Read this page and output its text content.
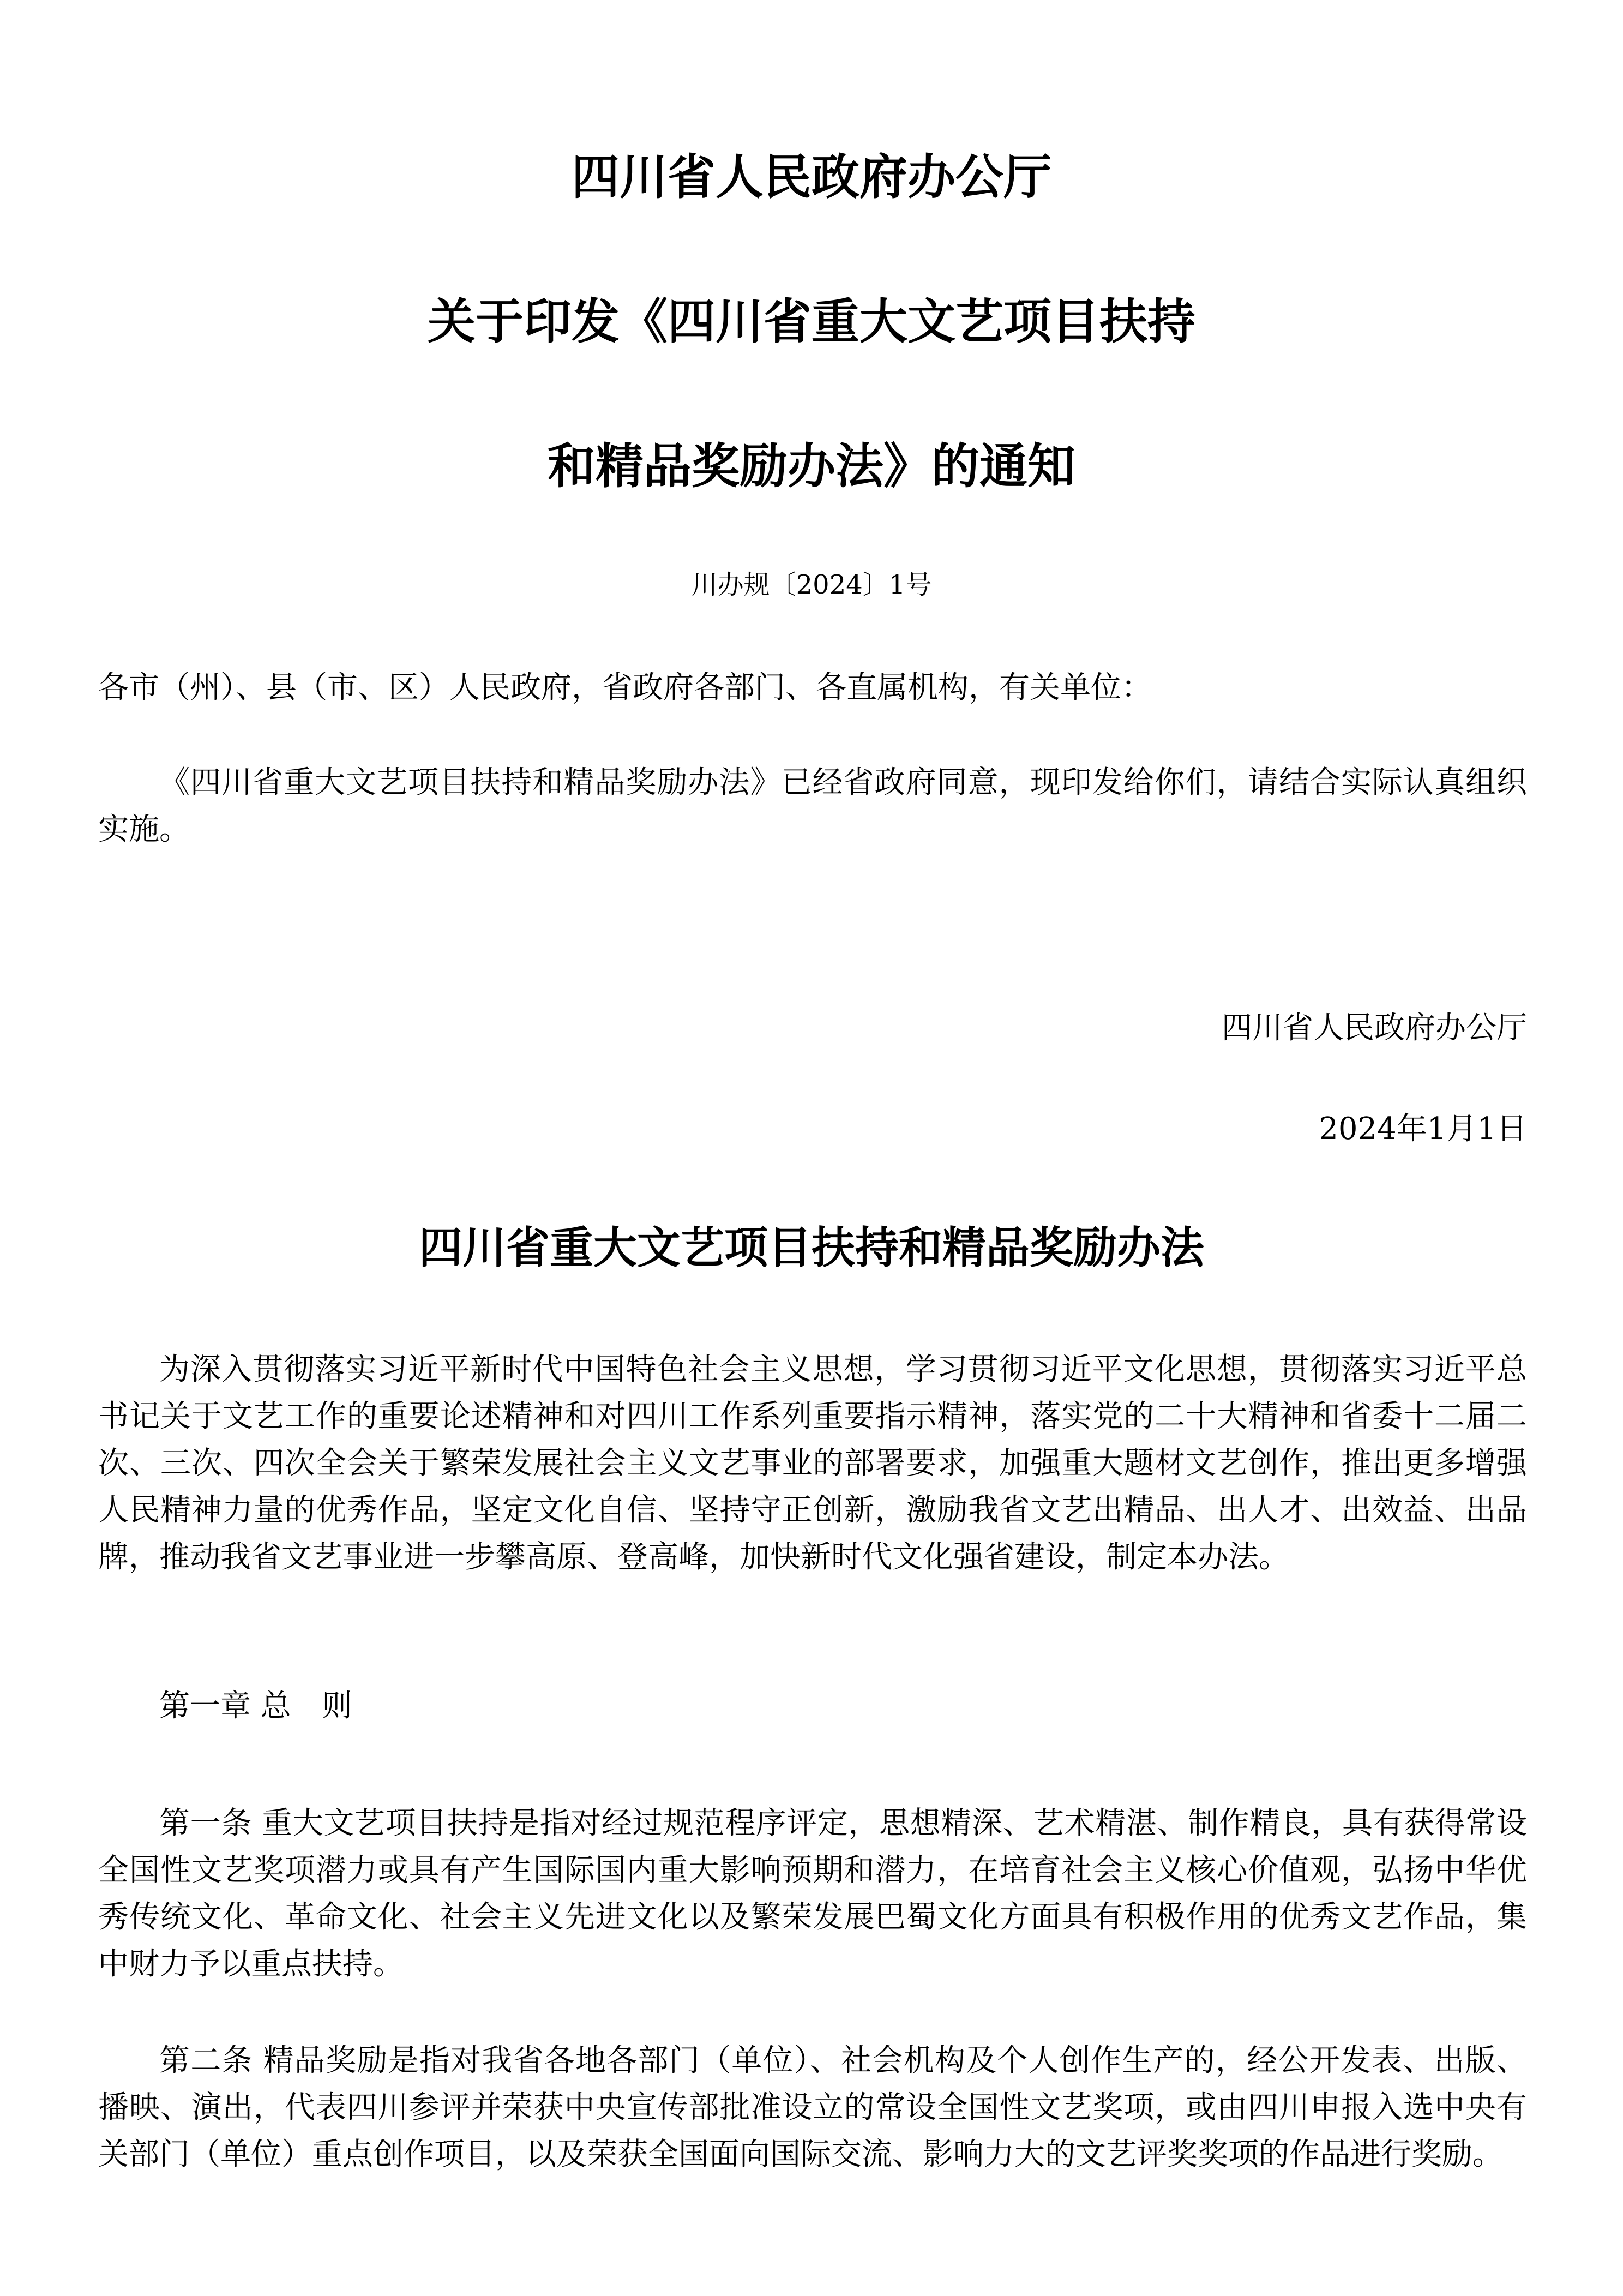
四川省人民政府办公厅
关于印发《四川省重大文艺项目扶持
和精品奖励办法》的通知
川办规〔2024〕1号
各市（州）、县（市、区）人民政府，省政府各部门、各直属机构，有关单位：
《四川省重大文艺项目扶持和精品奖励办法》已经省政府同意，现印发给你们，请结合实际认真组织实施。
四川省人民政府办公厅
2024年1月1日
四川省重大文艺项目扶持和精品奖励办法
为深入贯彻落实习近平新时代中国特色社会主义思想，学习贯彻习近平文化思想，贯彻落实习近平总书记关于文艺工作的重要论述精神和对四川工作系列重要指示精神，落实党的二十大精神和省委十二届二次、三次、四次全会关于繁荣发展社会主义文艺事业的部署要求，加强重大题材文艺创作，推出更多增强人民精神力量的优秀作品，坚定文化自信、坚持守正创新，激励我省文艺出精品、出人才、出效益、出品牌，推动我省文艺事业进一步攀高原、登高峰，加快新时代文化强省建设，制定本办法。
第一章 总　则
第一条 重大文艺项目扶持是指对经过规范程序评定，思想精深、艺术精湛、制作精良，具有获得常设全国性文艺奖项潜力或具有产生国际国内重大影响预期和潜力，在培育社会主义核心价值观，弘扬中华优秀传统文化、革命文化、社会主义先进文化以及繁荣发展巴蜀文化方面具有积极作用的优秀文艺作品，集中财力予以重点扶持。
第二条 精品奖励是指对我省各地各部门（单位）、社会机构及个人创作生产的，经公开发表、出版、播映、演出，代表四川参评并荣获中央宣传部批准设立的常设全国性文艺奖项，或由四川申报入选中央有关部门（单位）重点创作项目，以及荣获全国面向国际交流、影响力大的文艺评奖奖项的作品进行奖励。
